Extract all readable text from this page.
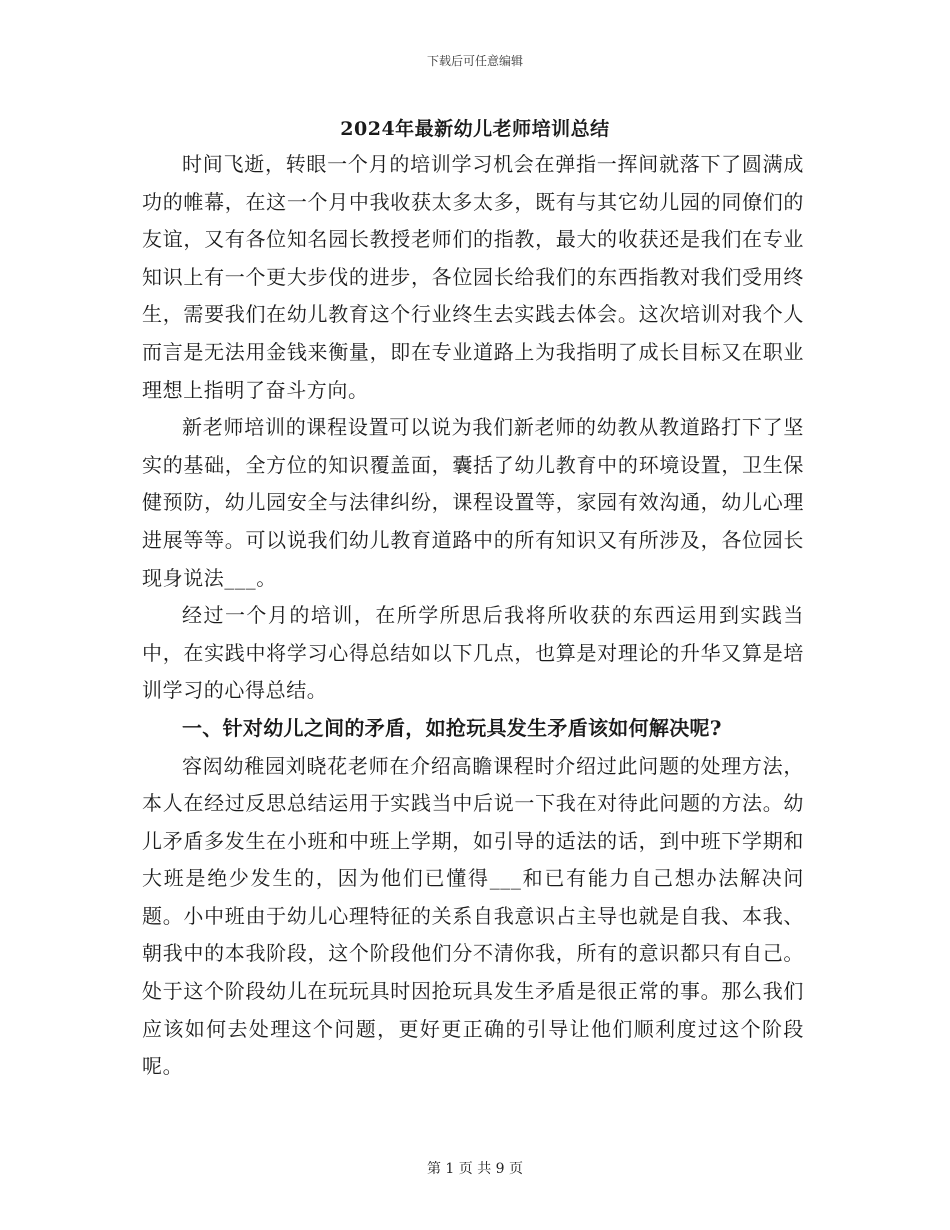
下载后可任意编辑
2024年最新幼儿老师培训总结

时间飞逝，转眼一个月的培训学习机会在弹指一挥间就落下了圆满成功的帷幕，在这一个月中我收获太多太多，既有与其它幼儿园的同僚们的友谊，又有各位知名园长教授老师们的指教，最大的收获还是我们在专业知识上有一个更大步伐的进步，各位园长给我们的东西指教对我们受用终生，需要我们在幼儿教育这个行业终生去实践去体会。这次培训对我个人而言是无法用金钱来衡量，即在专业道路上为我指明了成长目标又在职业理想上指明了奋斗方向。

新老师培训的课程设置可以说为我们新老师的幼教从教道路打下了坚实的基础，全方位的知识覆盖面，囊括了幼儿教育中的环境设置，卫生保健预防，幼儿园安全与法律纠纷，课程设置等，家园有效沟通，幼儿心理进展等等。可以说我们幼儿教育道路中的所有知识又有所涉及，各位园长现身说法___。

经过一个月的培训，在所学所思后我将所收获的东西运用到实践当中，在实践中将学习心得总结如以下几点，也算是对理论的升华又算是培训学习的心得总结。

一、针对幼儿之间的矛盾，如抢玩具发生矛盾该如何解决呢?

容闳幼稚园刘晓花老师在介绍高瞻课程时介绍过此问题的处理方法，本人在经过反思总结运用于实践当中后说一下我在对待此问题的方法。幼儿矛盾多发生在小班和中班上学期，如引导的适法的话，到中班下学期和大班是绝少发生的，因为他们已懂得___和已有能力自己想办法解决问题。小中班由于幼儿心理特征的关系自我意识占主导也就是自我、本我、朝我中的本我阶段，这个阶段他们分不清你我，所有的意识都只有自己。处于这个阶段幼儿在玩玩具时因抢玩具发生矛盾是很正常的事。那么我们应该如何去处理这个问题，更好更正确的引导让他们顺利度过这个阶段呢。

第 1 页 共 9 页
